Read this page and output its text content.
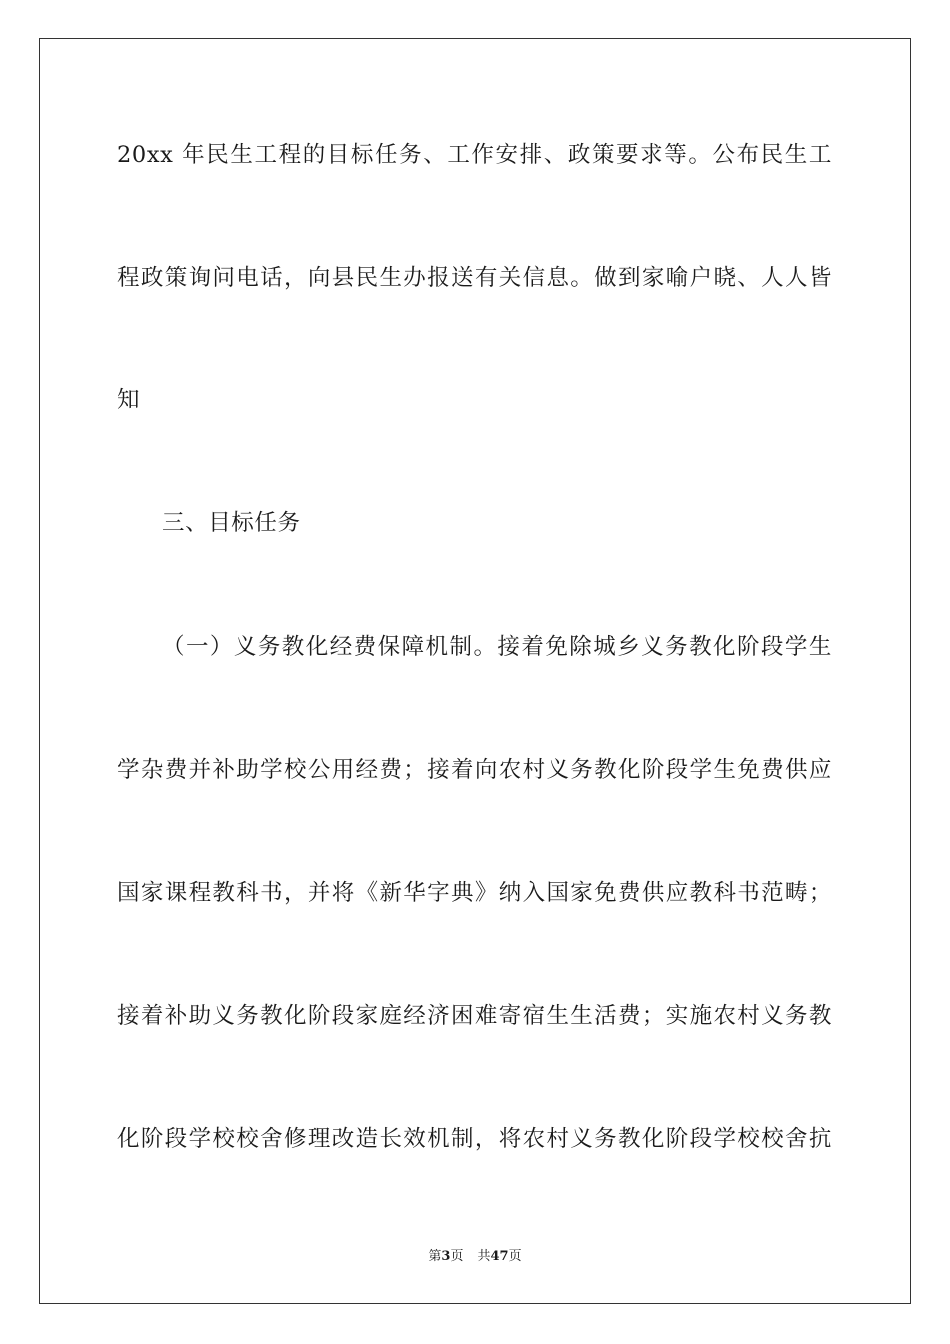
20xx 年民生工程的目标任务、工作安排、政策要求等。公布民生工
程政策询问电话，向县民生办报送有关信息。做到家喻户晓、人人皆
知
三、目标任务
（一）义务教化经费保障机制。接着免除城乡义务教化阶段学生
学杂费并补助学校公用经费；接着向农村义务教化阶段学生免费供应
国家课程教科书，并将《新华字典》纳入国家免费供应教科书范畴；
接着补助义务教化阶段家庭经济困难寄宿生生活费；实施农村义务教
化阶段学校校舍修理改造长效机制，将农村义务教化阶段学校校舍抗
第3页 共47页
